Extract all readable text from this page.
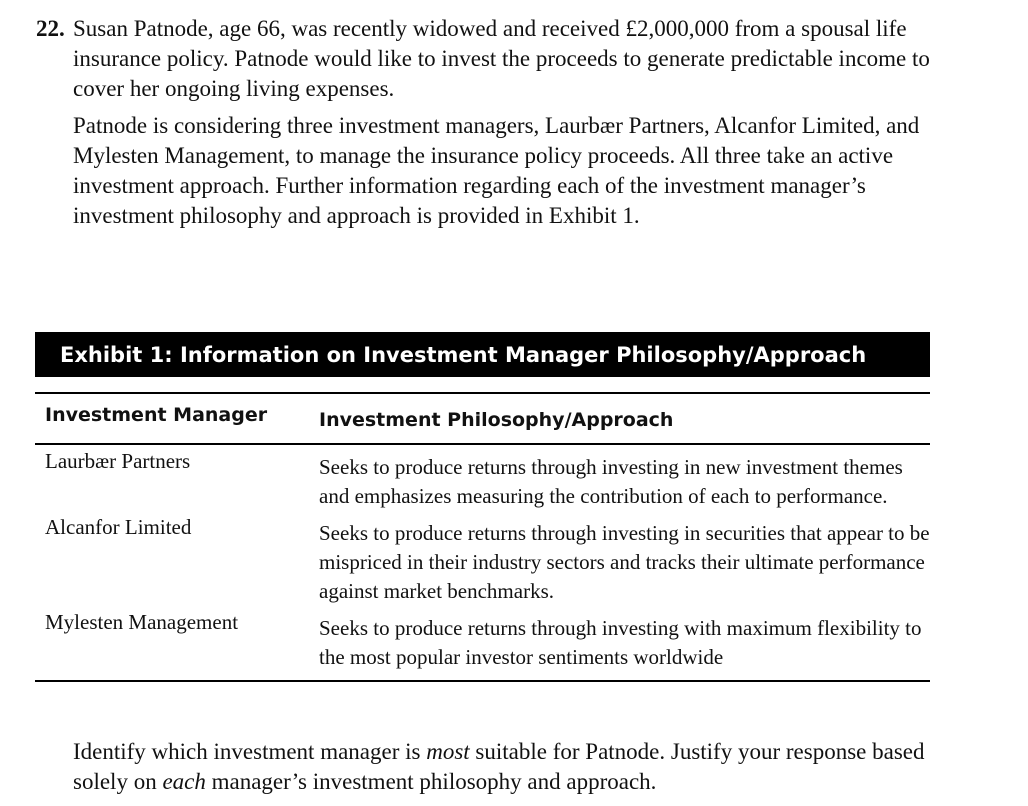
22. Susan Patnode, age 66, was recently widowed and received £2,000,000 from a spousal life insurance policy. Patnode would like to invest the proceeds to generate predictable income to cover her ongoing living expenses.

Patnode is considering three investment managers, Laurbær Partners, Alcanfor Limited, and Mylesten Management, to manage the insurance policy proceeds. All three take an active investment approach. Further information regarding each of the investment manager’s investment philosophy and approach is provided in Exhibit 1.

Exhibit 1: Information on Investment Manager Philosophy/Approach
Investment Manager	Investment Philosophy/Approach
Laurbær Partners	Seeks to produce returns through investing in new investment themes and emphasizes measuring the contribution of each to performance.
Alcanfor Limited	Seeks to produce returns through investing in securities that appear to be mispriced in their industry sectors and tracks their ultimate performance against market benchmarks.
Mylesten Management	Seeks to produce returns through investing with maximum flexibility to the most popular investor sentiments worldwide
Identify which investment manager is most suitable for Patnode. Justify your response based solely on each manager’s investment philosophy and approach.
